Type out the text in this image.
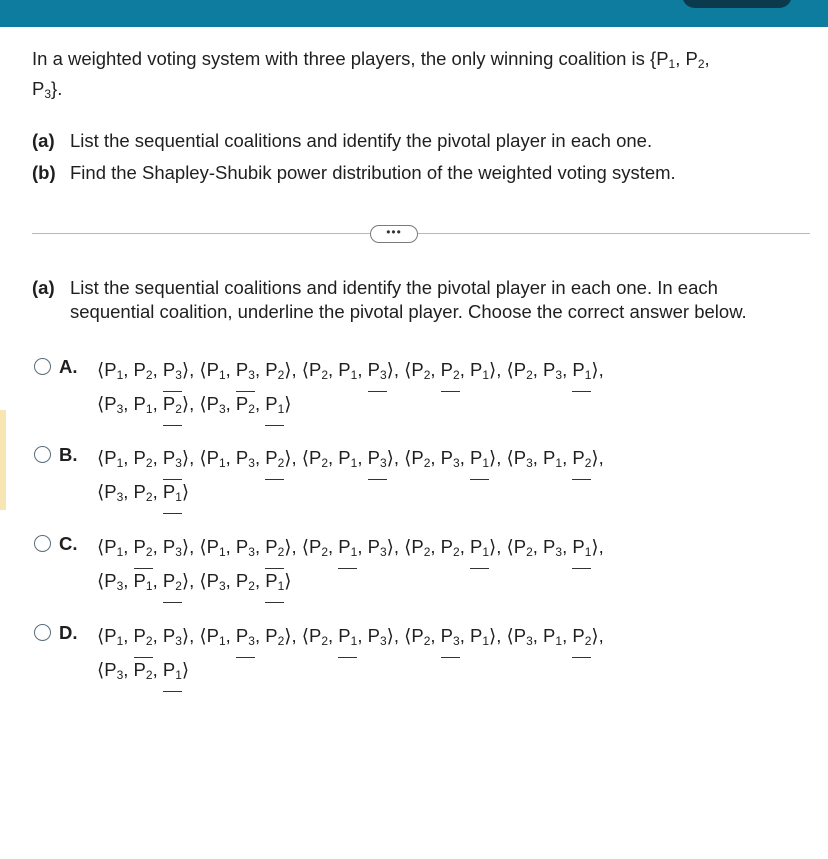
In a weighted voting system with three players, the only winning coalition is {$P_1$, $P_2$,
$P_3$}.
(a) List the sequential coalitions and identify the pivotal player in each one.
(b) Find the Shapley-Shubik power distribution of the weighted voting system.
•••
(a) List the sequential coalitions and identify the pivotal player in each one. In each sequential coalition, underline the pivotal player. Choose the correct answer below.
A.	$⟨P_1$, $P_2$, $P_3⟩$, $⟨P_1$, $P_3$, $P_2⟩$, $⟨P_2$, $P_1$, $P_3⟩$, $⟨P_2$, $P_2$, $P_1⟩$, $⟨P_2$, $P_3$, $P_1⟩$,
$⟨P_3$, $P_1$, $P_2⟩$, $⟨P_3$, $P_2$, $P_1⟩$
B.	$⟨P_1$, $P_2$, $P_3⟩$, $⟨P_1$, $P_3$, $P_2⟩$, $⟨P_2$, $P_1$, $P_3⟩$, $⟨P_2$, $P_3$, $P_1⟩$, $⟨P_3$, $P_1$, $P_2⟩$,
$⟨P_3$, $P_2$, $P_1⟩$
C.	$⟨P_1$, $P_2$, $P_3⟩$, $⟨P_1$, $P_3$, $P_2⟩$, $⟨P_2$, $P_1$, $P_3⟩$, $⟨P_2$, $P_2$, $P_1⟩$, $⟨P_2$, $P_3$, $P_1⟩$,
$⟨P_3$, $P_1$, $P_2⟩$, $⟨P_3$, $P_2$, $P_1⟩$
D.	$⟨P_1$, $P_2$, $P_3⟩$, $⟨P_1$, $P_3$, $P_2⟩$, $⟨P_2$, $P_1$, $P_3⟩$, $⟨P_2$, $P_3$, $P_1⟩$, $⟨P_3$, $P_1$, $P_2⟩$,
$⟨P_3$, $P_2$, $P_1⟩$
